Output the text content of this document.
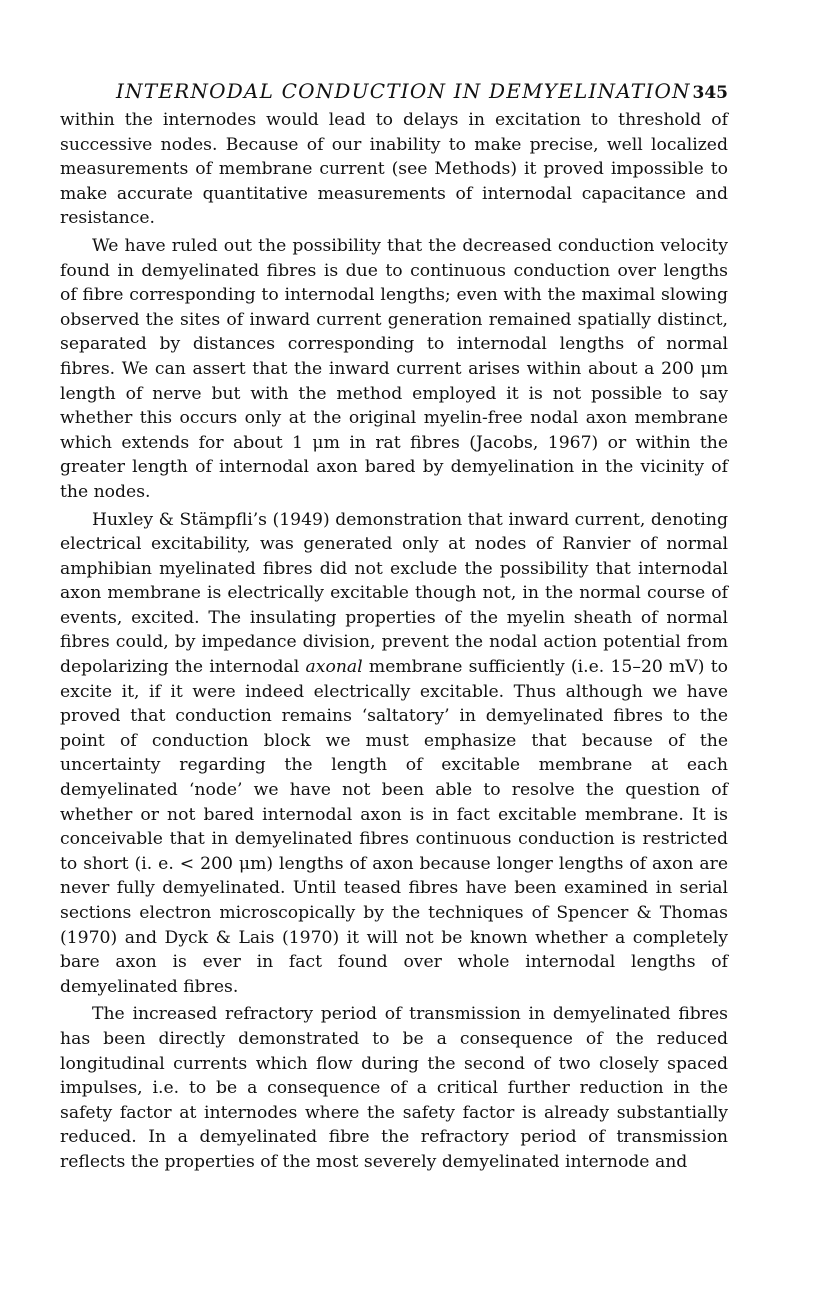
INTERNODAL CONDUCTION IN DEMYELINATION 345

within the internodes would lead to delays in excitation to threshold of successive nodes. Because of our inability to make precise, well localized measurements of membrane current (see Methods) it proved impossible to make accurate quantitative measurements of internodal capacitance and resistance.

We have ruled out the possibility that the decreased conduction velocity found in demyelinated fibres is due to continuous conduction over lengths of fibre corresponding to internodal lengths; even with the maximal slowing observed the sites of inward current generation remained spatially distinct, separated by distances corresponding to internodal lengths of normal fibres. We can assert that the inward current arises within about a 200 μm length of nerve but with the method employed it is not possible to say whether this occurs only at the original myelin-free nodal axon membrane which extends for about 1 μm in rat fibres (Jacobs, 1967) or within the greater length of internodal axon bared by demyelination in the vicinity of the nodes.

Huxley & Stämpfli’s (1949) demonstration that inward current, denoting electrical excitability, was generated only at nodes of Ranvier of normal amphibian myelinated fibres did not exclude the possibility that internodal axon membrane is electrically excitable though not, in the normal course of events, excited. The insulating properties of the myelin sheath of normal fibres could, by impedance division, prevent the nodal action potential from depolarizing the internodal axonal membrane sufficiently (i.e. 15–20 mV) to excite it, if it were indeed electrically excitable. Thus although we have proved that conduction remains ‘saltatory’ in demyelinated fibres to the point of conduction block we must emphasize that because of the uncertainty regarding the length of excitable membrane at each demyelinated ‘node’ we have not been able to resolve the question of whether or not bared internodal axon is in fact excitable membrane. It is conceivable that in demyelinated fibres continuous conduction is restricted to short (i. e. < 200 μm) lengths of axon because longer lengths of axon are never fully demyelinated. Until teased fibres have been examined in serial sections electron microscopically by the techniques of Spencer & Thomas (1970) and Dyck & Lais (1970) it will not be known whether a completely bare axon is ever in fact found over whole internodal lengths of demyelinated fibres.

The increased refractory period of transmission in demyelinated fibres has been directly demonstrated to be a consequence of the reduced longitudinal currents which flow during the second of two closely spaced impulses, i.e. to be a consequence of a critical further reduction in the safety factor at internodes where the safety factor is already substantially reduced. In a demyelinated fibre the refractory period of transmission reflects the properties of the most severely demyelinated internode and
